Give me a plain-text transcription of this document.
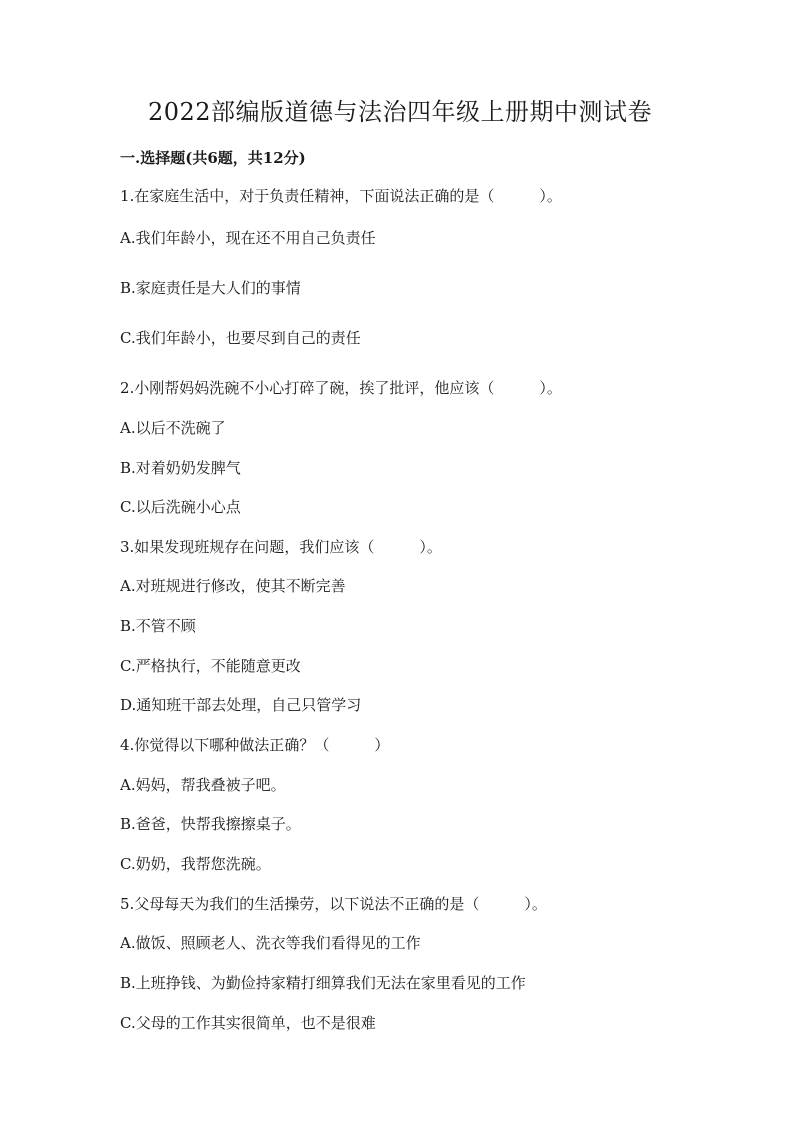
2022部编版道德与法治四年级上册期中测试卷
一.选择题(共6题，共12分)

1.在家庭生活中，对于负责任精神，下面说法正确的是（　　　）。

A.我们年龄小，现在还不用自己负责任

B.家庭责任是大人们的事情

C.我们年龄小，也要尽到自己的责任

2.小刚帮妈妈洗碗不小心打碎了碗，挨了批评，他应该（　　　）。

A.以后不洗碗了

B.对着奶奶发脾气

C.以后洗碗小心点

3.如果发现班规存在问题，我们应该（　　　）。

A.对班规进行修改，使其不断完善

B.不管不顾

C.严格执行，不能随意更改

D.通知班干部去处理，自己只管学习

4.你觉得以下哪种做法正确？（　　　）

A.妈妈，帮我叠被子吧。

B.爸爸，快帮我擦擦桌子。

C.奶奶，我帮您洗碗。

5.父母每天为我们的生活操劳，以下说法不正确的是（　　　）。

A.做饭、照顾老人、洗衣等我们看得见的工作

B.上班挣钱、为勤俭持家精打细算我们无法在家里看见的工作

C.父母的工作其实很简单，也不是很难
